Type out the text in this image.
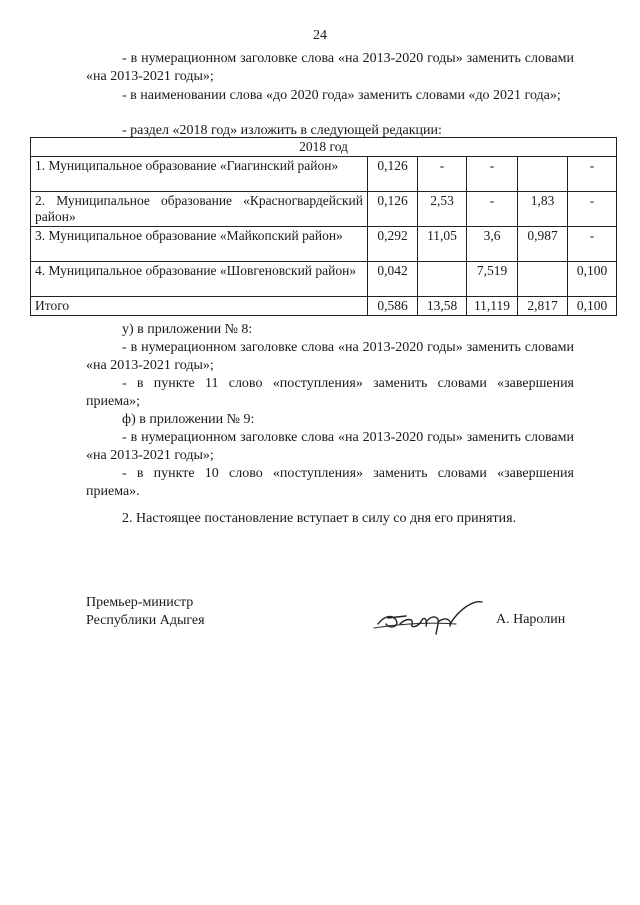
24
- в нумерационном заголовке слова «на 2013-2020 годы» заменить словами «на 2013-2021 годы»;
- в наименовании слова «до 2020 года» заменить словами «до 2021 года»;
- раздел «2018 год» изложить в следующей редакции:
2018 год					
1. Муниципальное образование «Гиагинский район»	0,126	-	-		-
2. Муниципальное образование «Красногвардейский район»	0,126	2,53	-	1,83	-
3. Муниципальное образование «Майкопский район»	0,292	11,05	3,6	0,987	-
4. Муниципальное образование «Шовгеновский район»	0,042		7,519		0,100
Итого	0,586	13,58	11,119	2,817	0,100
у) в приложении № 8:
- в нумерационном заголовке слова «на 2013-2020 годы» заменить словами «на 2013-2021 годы»;
- в пункте 11 слово «поступления» заменить словами «завершения приема»;
ф) в приложении № 9:
- в нумерационном заголовке слова «на 2013-2020 годы» заменить словами «на 2013-2021 годы»;
- в пункте 10 слово «поступления» заменить словами «завершения приема».
2. Настоящее постановление вступает в силу со дня его принятия.
Премьер-министр
Республики Адыгея	А. Наролин
